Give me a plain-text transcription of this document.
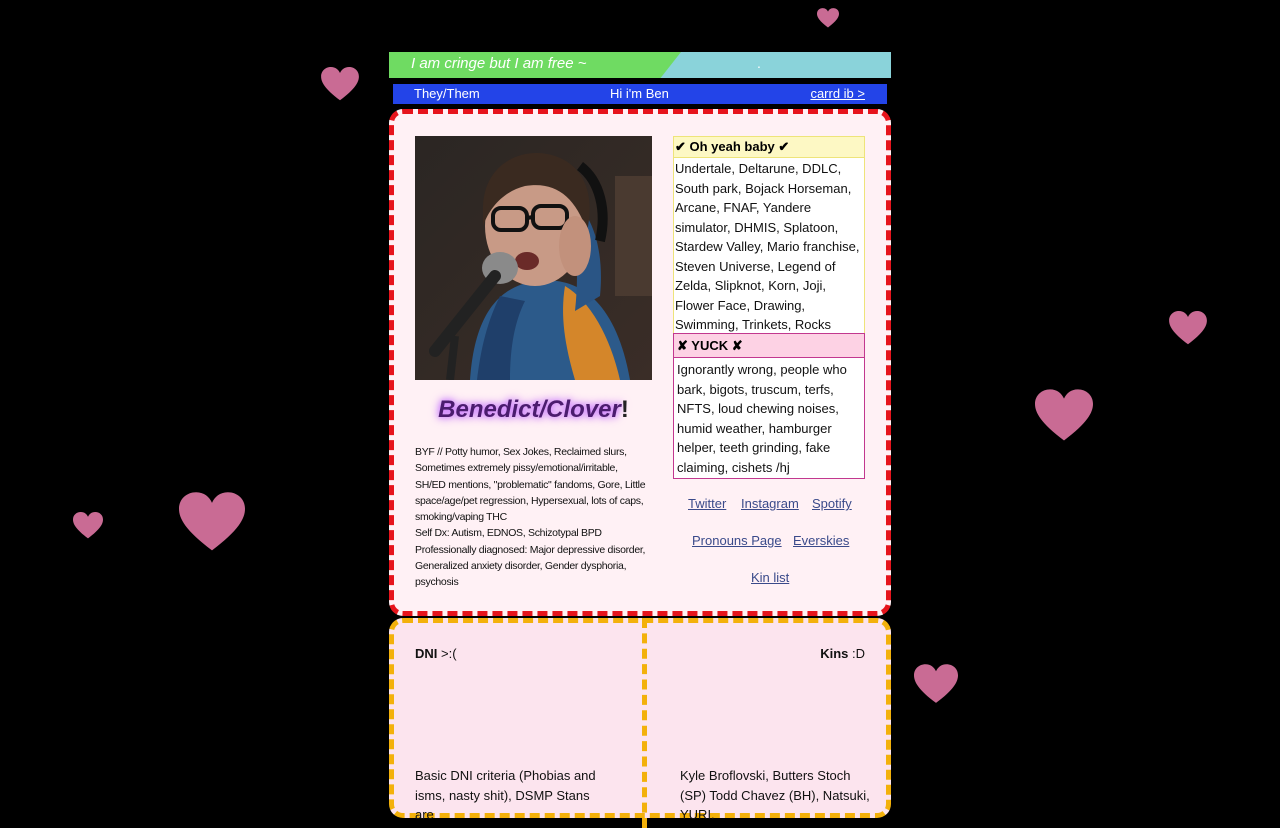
I am cringe but I am free ~	.
They/Them	Hi i'm Ben	carrd ib >
Benedict/Clover!

BYF // Potty humor, Sex Jokes, Reclaimed slurs, Sometimes extremely pissy/emotional/irritable, SH/ED mentions, "problematic" fandoms, Gore, Little space/age/pet regression, Hypersexual, lots of caps, smoking/vaping THC

Self Dx: Autism, EDNOS, Schizotypal BPD

Professionally diagnosed: Major depressive disorder, Generalized anxiety disorder, Gender dysphoria, psychosis

✔ Oh yeah baby ✔
Undertale, Deltarune, DDLC, South park, Bojack Horseman, Arcane, FNAF, Yandere simulator, DHMIS, Splatoon, Stardew Valley, Mario franchise, Steven Universe, Legend of Zelda, Slipknot, Korn, Joji, Flower Face, Drawing, Swimming, Trinkets, Rocks
✘ YUCK ✘
Ignorantly wrong, people who bark, bigots, truscum, terfs, NFTS, loud chewing noises, humid weather, hamburger helper, teeth grinding, fake claiming, cishets /hj
Twitter Instagram Spotify
Pronouns Page Everskies
Kin list
DNI >:(	Kins :D
Basic DNI criteria (Phobias and isms, nasty shit), DSMP Stans are
Kyle Broflovski, Butters Stoch (SP) Todd Chavez (BH), Natsuki, YURI.
